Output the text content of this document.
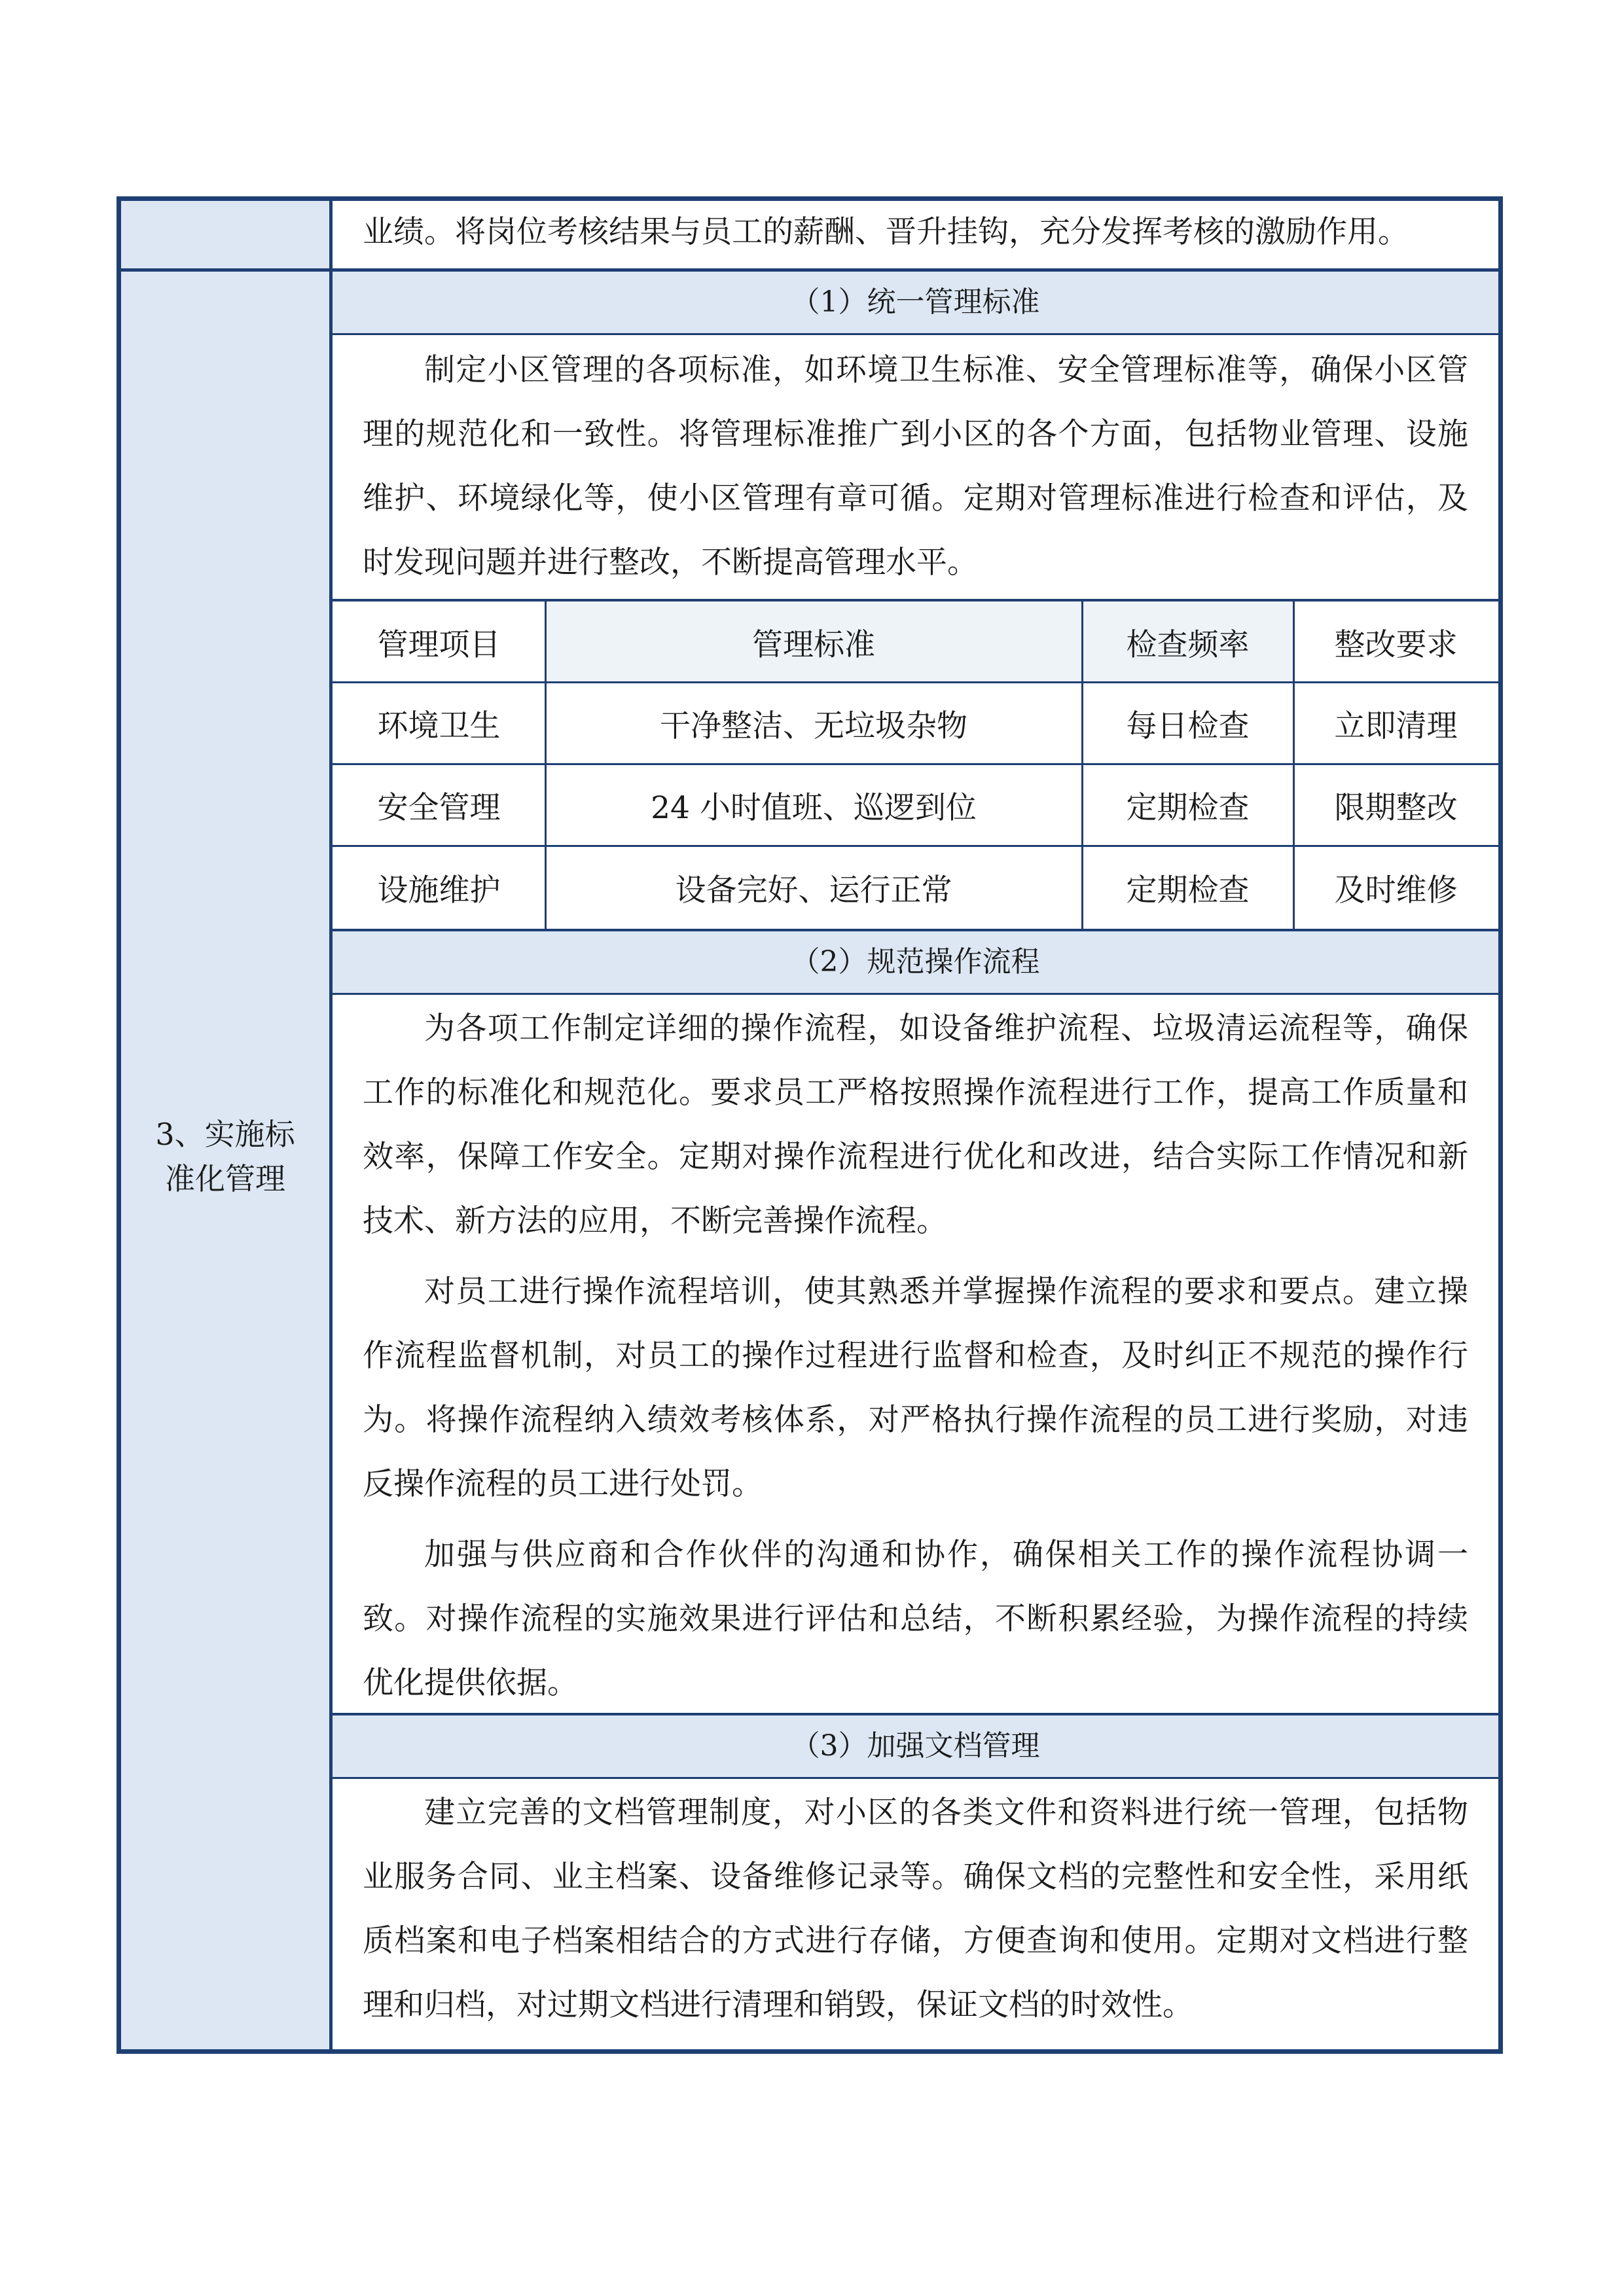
业绩。将岗位考核结果与员工的薪酬、晋升挂钩，充分发挥考核的激励作用。
3、实施标
准化管理
（1）统一管理标准

制定小区管理的各项标准，如环境卫生标准、安全管理标准等，确保小区管理的规范化和一致性。将管理标准推广到小区的各个方面，包括物业管理、设施维护、环境绿化等，使小区管理有章可循。定期对管理标准进行检查和评估，及时发现问题并进行整改，不断提高管理水平。

管理项目	管理标准	检查频率	整改要求
环境卫生	干净整洁、无垃圾杂物	每日检查	立即清理
安全管理	24 小时值班、巡逻到位	定期检查	限期整改
设施维护	设备完好、运行正常	定期检查	及时维修
（2）规范操作流程

为各项工作制定详细的操作流程，如设备维护流程、垃圾清运流程等，确保工作的标准化和规范化。要求员工严格按照操作流程进行工作，提高工作质量和效率，保障工作安全。定期对操作流程进行优化和改进，结合实际工作情况和新技术、新方法的应用，不断完善操作流程。

对员工进行操作流程培训，使其熟悉并掌握操作流程的要求和要点。建立操作流程监督机制，对员工的操作过程进行监督和检查，及时纠正不规范的操作行为。将操作流程纳入绩效考核体系，对严格执行操作流程的员工进行奖励，对违反操作流程的员工进行处罚。

加强与供应商和合作伙伴的沟通和协作，确保相关工作的操作流程协调一致。对操作流程的实施效果进行评估和总结，不断积累经验，为操作流程的持续优化提供依据。

（3）加强文档管理

建立完善的文档管理制度，对小区的各类文件和资料进行统一管理，包括物业服务合同、业主档案、设备维修记录等。确保文档的完整性和安全性，采用纸质档案和电子档案相结合的方式进行存储，方便查询和使用。定期对文档进行整理和归档，对过期文档进行清理和销毁，保证文档的时效性。
